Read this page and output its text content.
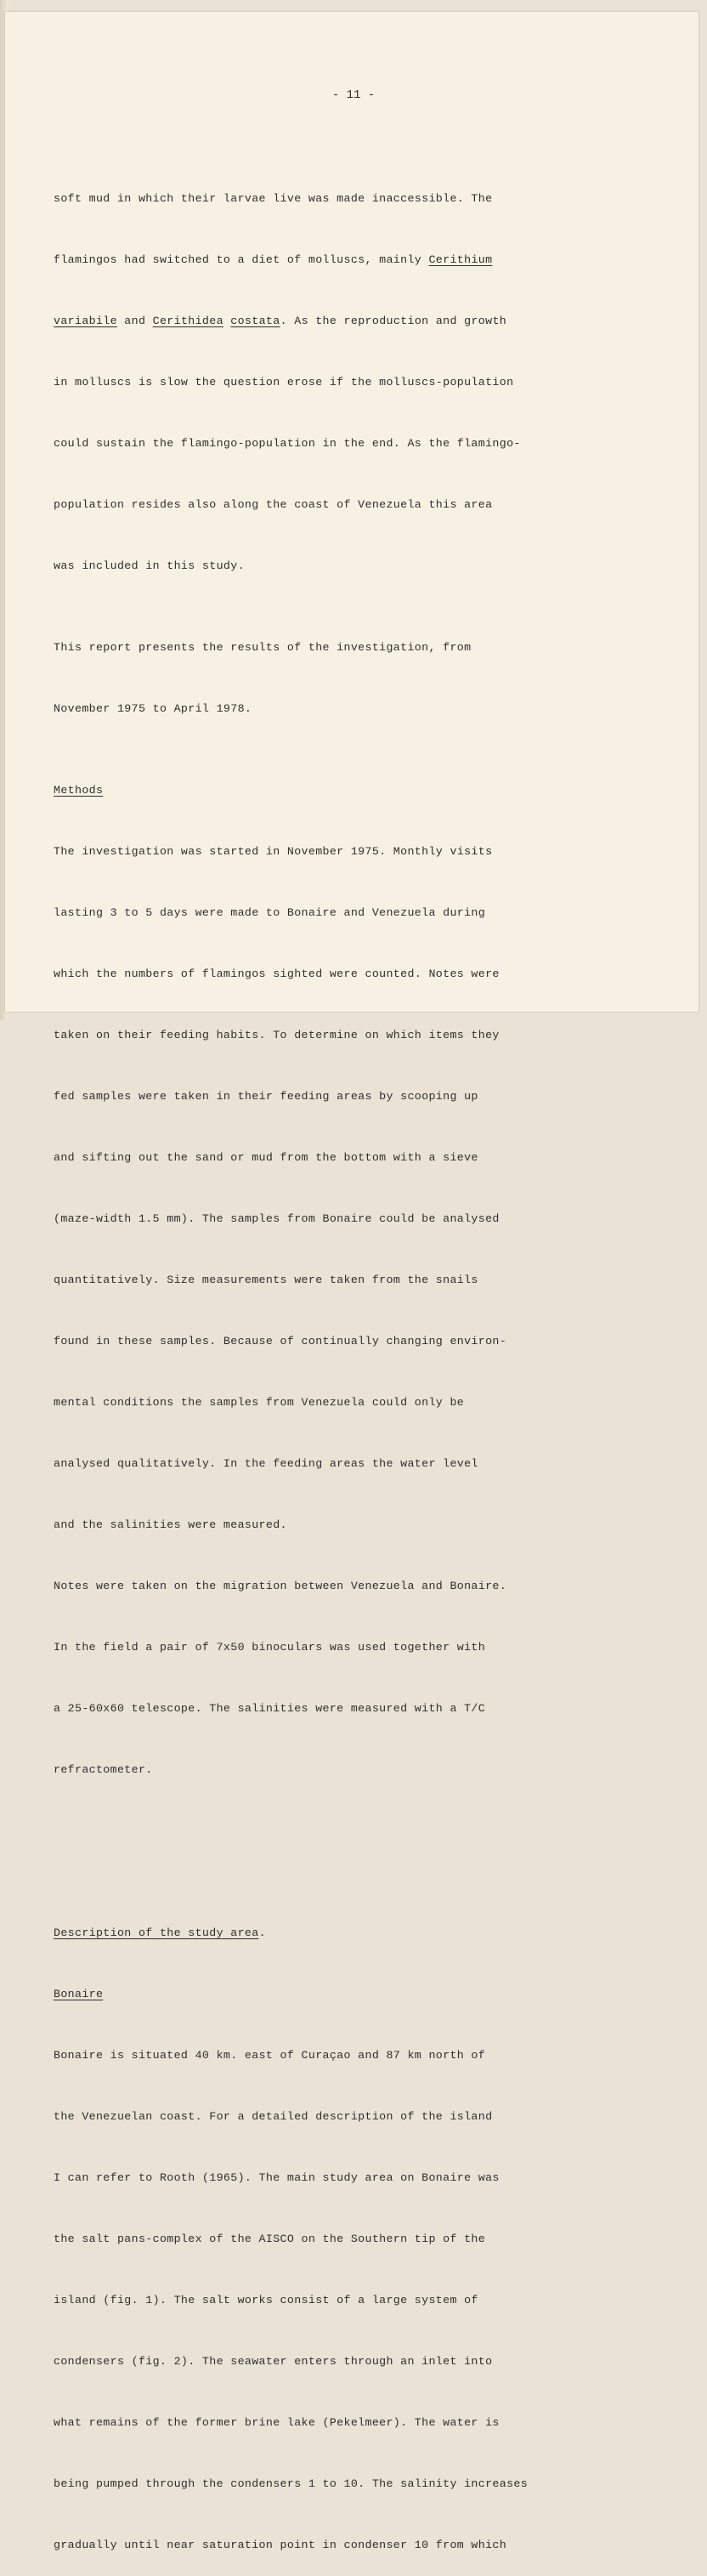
- 11 -

soft mud in which their larvae live was made inaccessible. The

flamingos had switched to a diet of molluscs, mainly Cerithium

variabile and Cerithidea costata. As the reproduction and growth

in molluscs is slow the question erose if the molluscs-population

could sustain the flamingo-population in the end. As the flamingo-

population resides also along the coast of Venezuela this area

was included in this study.

This report presents the results of the investigation, from

November 1975 to April 1978.

Methods

The investigation was started in November 1975. Monthly visits

lasting 3 to 5 days were made to Bonaire and Venezuela during

which the numbers of flamingos sighted were counted. Notes were

taken on their feeding habits. To determine on which items they

fed samples were taken in their feeding areas by scooping up

and sifting out the sand or mud from the bottom with a sieve

(maze-width 1.5 mm). The samples from Bonaire could be analysed

quantitatively. Size measurements were taken from the snails

found in these samples. Because of continually changing environ-

mental conditions the samples from Venezuela could only be

analysed qualitatively. In the feeding areas the water level

and the salinities were measured.

Notes were taken on the migration between Venezuela and Bonaire.

In the field a pair of 7x50 binoculars was used together with

a 25-60x60 telescope. The salinities were measured with a T/C

refractometer.

Description of the study area.

Bonaire

Bonaire is situated 40 km. east of Curaçao and 87 km north of

the Venezuelan coast. For a detailed description of the island

I can refer to Rooth (1965). The main study area on Bonaire was

the salt pans-complex of the AISCO on the Southern tip of the

island (fig. 1). The salt works consist of a large system of

condensers (fig. 2). The seawater enters through an inlet into

what remains of the former brine lake (Pekelmeer). The water is

being pumped through the condensers 1 to 10. The salinity increases

gradually until near saturation point in condenser 10 from which
